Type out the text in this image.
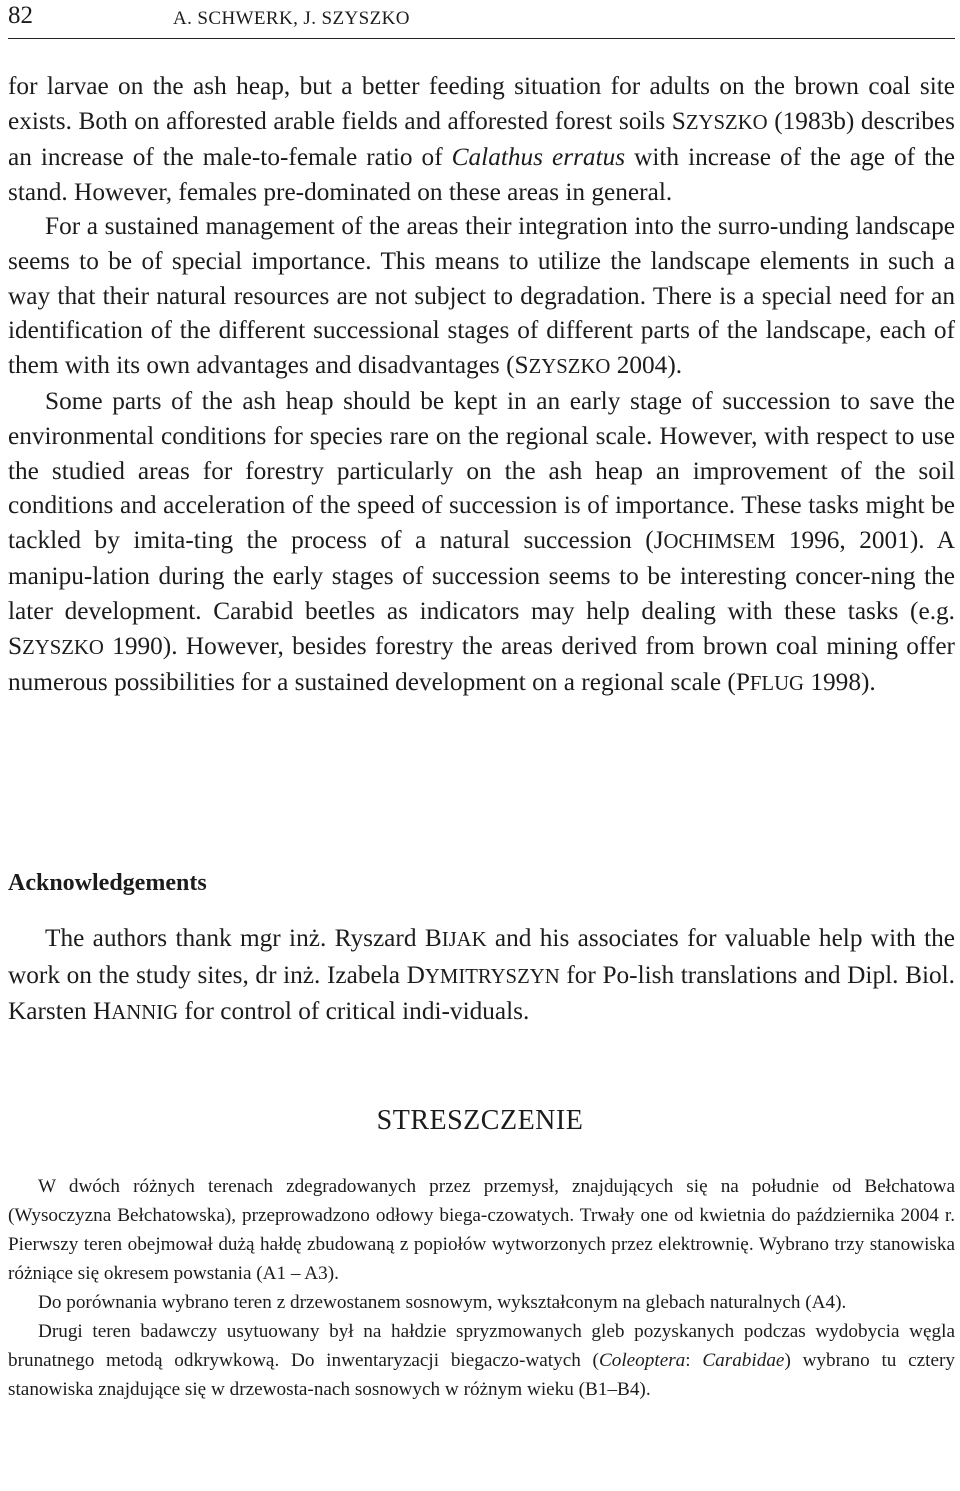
82	A. SCHWERK, J. SZYSZKO

for larvae on the ash heap, but a better feeding situation for adults on the brown coal site exists. Both on afforested arable fields and afforested forest soils SZYSZKO (1983b) describes an increase of the male-to-female ratio of Calathus erratus with increase of the age of the stand. However, females pre-dominated on these areas in general.

For a sustained management of the areas their integration into the surro-unding landscape seems to be of special importance. This means to utilize the landscape elements in such a way that their natural resources are not subject to degradation. There is a special need for an identification of the different successional stages of different parts of the landscape, each of them with its own advantages and disadvantages (SZYSZKO 2004).

Some parts of the ash heap should be kept in an early stage of succession to save the environmental conditions for species rare on the regional scale. However, with respect to use the studied areas for forestry particularly on the ash heap an improvement of the soil conditions and acceleration of the speed of succession is of importance. These tasks might be tackled by imita-ting the process of a natural succession (JOCHIMSEM 1996, 2001). A manipu-lation during the early stages of succession seems to be interesting concer-ning the later development. Carabid beetles as indicators may help dealing with these tasks (e.g. SZYSZKO 1990). However, besides forestry the areas derived from brown coal mining offer numerous possibilities for a sustained development on a regional scale (PFLUG 1998).

Acknowledgements

The authors thank mgr inż. Ryszard BIJAK and his associates for valuable help with the work on the study sites, dr inż. Izabela DYMITRYSZYN for Po-lish translations and Dipl. Biol. Karsten HANNIG for control of critical indi-viduals.

STRESZCZENIE

W dwóch różnych terenach zdegradowanych przez przemysł, znajdujących się na południe od Bełchatowa (Wysoczyzna Bełchatowska), przeprowadzono odłowy biega-czowatych. Trwały one od kwietnia do października 2004 r. Pierwszy teren obejmował dużą hałdę zbudowaną z popiołów wytworzonych przez elektrownię. Wybrano trzy stanowiska różniące się okresem powstania (A1 – A3).

Do porównania wybrano teren z drzewostanem sosnowym, wykształconym na glebach naturalnych (A4).

Drugi teren badawczy usytuowany był na hałdzie spryzmowanych gleb pozyskanych podczas wydobycia węgla brunatnego metodą odkrywkową. Do inwentaryzacji biegaczo-watych (Coleoptera: Carabidae) wybrano tu cztery stanowiska znajdujące się w drzewosta-nach sosnowych w różnym wieku (B1–B4).
